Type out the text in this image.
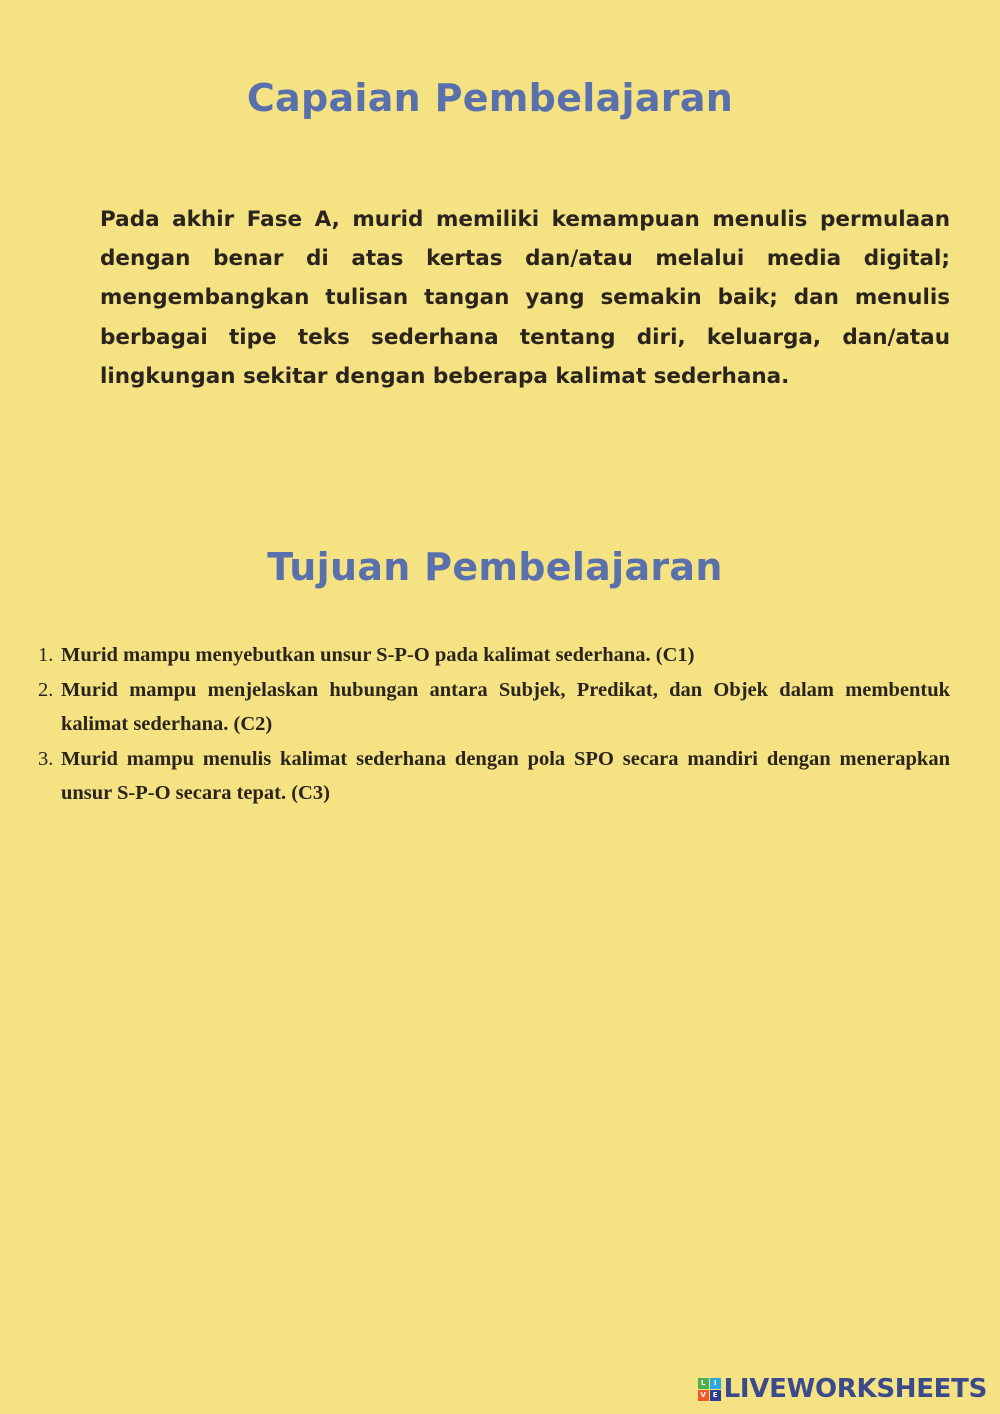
Capaian Pembelajaran

Pada akhir Fase A, murid memiliki kemampuan menulis permulaan dengan benar di atas kertas dan/atau melalui media digital; mengembangkan tulisan tangan yang semakin baik; dan menulis berbagai tipe teks sederhana tentang diri, keluarga, dan/atau lingkungan sekitar dengan beberapa kalimat sederhana.

Tujuan Pembelajaran
1. Murid mampu menyebutkan unsur S-P-O pada kalimat sederhana. (C1)
2. Murid mampu menjelaskan hubungan antara Subjek, Predikat, dan Objek dalam membentuk kalimat sederhana. (C2)
3. Murid mampu menulis kalimat sederhana dengan pola SPO secara mandiri dengan menerapkan unsur S-P-O secara tepat. (C3)
L	I
V E LIVEWORKSHEETS
